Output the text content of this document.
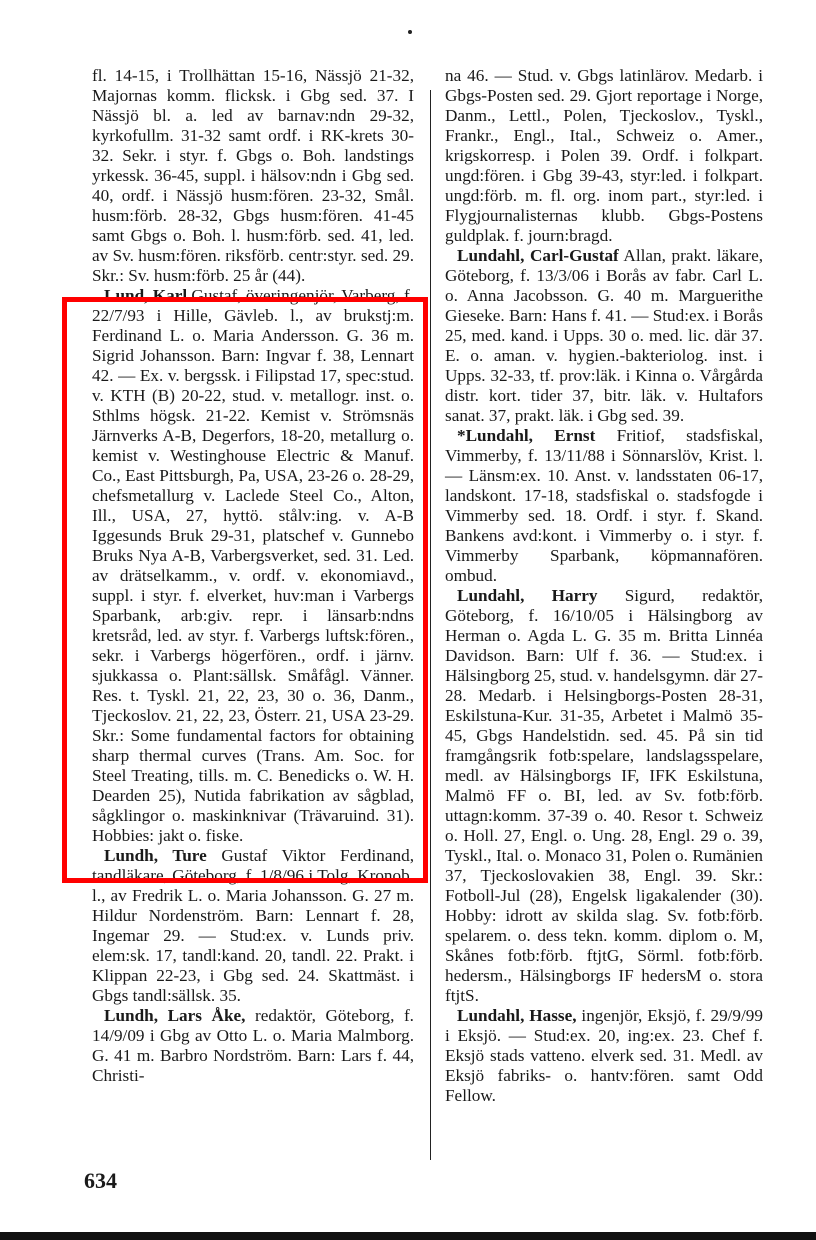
fl. 14-15, i Trollhättan 15-16, Nässjö 21-32, Majornas komm. flicksk. i Gbg sed. 37. I Nässjö bl. a. led av barnav:ndn 29-32, kyrkofullm. 31-32 samt ordf. i RK-krets 30-32. Sekr. i styr. f. Gbgs o. Boh. landstings yrkessk. 36-45, suppl. i hälsov:ndn i Gbg sed. 40, ordf. i Nässjö husm:fören. 23-32, Smål. husm:förb. 28-32, Gbgs husm:fören. 41-45 samt Gbgs o. Boh. l. husm:förb. sed. 41, led. av Sv. husm:fören. riksförb. centr:styr. sed. 29. Skr.: Sv. husm:förb. 25 år (44).

Lund, Karl Gustaf, överingenjör, Varberg, f. 22/7/93 i Hille, Gävleb. l., av brukstj:m. Ferdinand L. o. Maria Andersson. G. 36 m. Sigrid Johansson. Barn: Ingvar f. 38, Lennart 42. — Ex. v. bergssk. i Filipstad 17, spec:stud. v. KTH (B) 20-22, stud. v. metallogr. inst. o. Sthlms högsk. 21-22. Kemist v. Strömsnäs Järnverks A-B, Degerfors, 18-20, metallurg o. kemist v. Westinghouse Electric & Manuf. Co., East Pittsburgh, Pa, USA, 23-26 o. 28-29, chefsmetallurg v. Laclede Steel Co., Alton, Ill., USA, 27, hyttö. stålv:ing. v. A-B Iggesunds Bruk 29-31, platschef v. Gunnebo Bruks Nya A-B, Varbergsverket, sed. 31. Led. av drätselkamm., v. ordf. v. ekonomiavd., suppl. i styr. f. elverket, huv:man i Varbergs Sparbank, arb:giv. repr. i länsarb:ndns kretsråd, led. av styr. f. Varbergs luftsk:fören., sekr. i Varbergs högerfören., ordf. i järnv. sjukkassa o. Plant:sällsk. Småfågl. Vänner. Res. t. Tyskl. 21, 22, 23, 30 o. 36, Danm., Tjeckoslov. 21, 22, 23, Österr. 21, USA 23-29. Skr.: Some fundamental factors for obtaining sharp thermal curves (Trans. Am. Soc. for Steel Treating, tills. m. C. Benedicks o. W. H. Dearden 25), Nutida fabrikation av sågblad, sågklingor o. maskinknivar (Trävaruind. 31). Hobbies: jakt o. fiske.

Lundh, Ture Gustaf Viktor Ferdinand, tandläkare, Göteborg, f. 1/8/96 i Tolg, Kronob. l., av Fredrik L. o. Maria Johansson. G. 27 m. Hildur Nordenström. Barn: Lennart f. 28, Ingemar 29. — Stud:ex. v. Lunds priv. elem:sk. 17, tandl:kand. 20, tandl. 22. Prakt. i Klippan 22-23, i Gbg sed. 24. Skattmäst. i Gbgs tandl:sällsk. 35.

Lundh, Lars Åke, redaktör, Göteborg, f. 14/9/09 i Gbg av Otto L. o. Maria Malmborg. G. 41 m. Barbro Nordström. Barn: Lars f. 44, Christi-

na 46. — Stud. v. Gbgs latinlärov. Medarb. i Gbgs-Posten sed. 29. Gjort reportage i Norge, Danm., Lettl., Polen, Tjeckoslov., Tyskl., Frankr., Engl., Ital., Schweiz o. Amer., krigskorresp. i Polen 39. Ordf. i folkpart. ungd:fören. i Gbg 39-43, styr:led. i folkpart. ungd:förb. m. fl. org. inom part., styr:led. i Flygjournalisternas klubb. Gbgs-Postens guldplak. f. journ:bragd.

Lundahl, Carl-Gustaf Allan, prakt. läkare, Göteborg, f. 13/3/06 i Borås av fabr. Carl L. o. Anna Jacobsson. G. 40 m. Marguerithe Gieseke. Barn: Hans f. 41. — Stud:ex. i Borås 25, med. kand. i Upps. 30 o. med. lic. där 37. E. o. aman. v. hygien.-bakteriolog. inst. i Upps. 32-33, tf. prov:läk. i Kinna o. Vårgårda distr. kort. tider 37, bitr. läk. v. Hultafors sanat. 37, prakt. läk. i Gbg sed. 39.

*Lundahl, Ernst Fritiof, stadsfiskal, Vimmerby, f. 13/11/88 i Sönnarslöv, Krist. l. — Länsm:ex. 10. Anst. v. landsstaten 06-17, landskont. 17-18, stadsfiskal o. stadsfogde i Vimmerby sed. 18. Ordf. i styr. f. Skand. Bankens avd:kont. i Vimmerby o. i styr. f. Vimmerby Sparbank, köpmannafören. ombud.

Lundahl, Harry Sigurd, redaktör, Göteborg, f. 16/10/05 i Hälsingborg av Herman o. Agda L. G. 35 m. Britta Linnéa Davidson. Barn: Ulf f. 36. — Stud:ex. i Hälsingborg 25, stud. v. handelsgymn. där 27-28. Medarb. i Helsingborgs-Posten 28-31, Eskilstuna-Kur. 31-35, Arbetet i Malmö 35-45, Gbgs Handelstidn. sed. 45. På sin tid framgångsrik fotb:spelare, landslagsspelare, medl. av Hälsingborgs IF, IFK Eskilstuna, Malmö FF o. BI, led. av Sv. fotb:förb. uttagn:komm. 37-39 o. 40. Resor t. Schweiz o. Holl. 27, Engl. o. Ung. 28, Engl. 29 o. 39, Tyskl., Ital. o. Monaco 31, Polen o. Rumänien 37, Tjeckoslovakien 38, Engl. 39. Skr.: Fotboll-Jul (28), Engelsk ligakalender (30). Hobby: idrott av skilda slag. Sv. fotb:förb. spelarem. o. dess tekn. komm. diplom o. M, Skånes fotb:förb. ftjtG, Sörml. fotb:förb. hedersm., Hälsingborgs IF hedersM o. stora ftjtS.

Lundahl, Hasse, ingenjör, Eksjö, f. 29/9/99 i Eksjö. — Stud:ex. 20, ing:ex. 23. Chef f. Eksjö stads vatteno. elverk sed. 31. Medl. av Eksjö fabriks- o. hantv:fören. samt Odd Fellow.

634
